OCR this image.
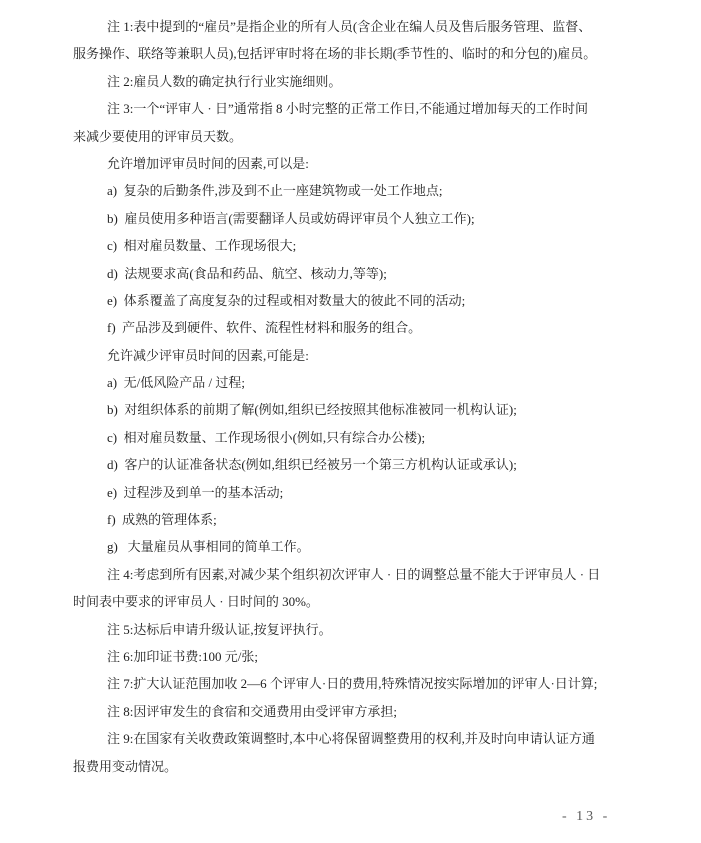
注 1:表中提到的“雇员”是指企业的所有人员(含企业在编人员及售后服务管理、监督、
服务操作、联络等兼职人员),包括评审时将在场的非长期(季节性的、临时的和分包的)雇员。
注 2:雇员人数的确定执行行业实施细则。
注 3:一个“评审人 · 日”通常指 8 小时完整的正常工作日,不能通过增加每天的工作时间
来减少要使用的评审员天数。
允许增加评审员时间的因素,可以是:
a)  复杂的后勤条件,涉及到不止一座建筑物或一处工作地点;
b)  雇员使用多种语言(需要翻译人员或妨碍评审员个人独立工作);
c)  相对雇员数量、工作现场很大;
d)  法规要求高(食品和药品、航空、核动力,等等);
e)  体系覆盖了高度复杂的过程或相对数量大的彼此不同的活动;
f)  产品涉及到硬件、软件、流程性材料和服务的组合。
允许减少评审员时间的因素,可能是:
a)  无/低风险产品 / 过程;
b)  对组织体系的前期了解(例如,组织已经按照其他标准被同一机构认证);
c)  相对雇员数量、工作现场很小(例如,只有综合办公楼);
d)  客户的认证准备状态(例如,组织已经被另一个第三方机构认证或承认);
e)  过程涉及到单一的基本活动;
f)  成熟的管理体系;
g)   大量雇员从事相同的简单工作。
注 4:考虑到所有因素,对减少某个组织初次评审人 · 日的调整总量不能大于评审员人 · 日
时间表中要求的评审员人 · 日时间的 30%。
注 5:达标后申请升级认证,按复评执行。
注 6:加印证书费:100 元/张;
注 7:扩大认证范围加收 2—6 个评审人·日的费用,特殊情况按实际增加的评审人·日计算;
注 8:因评审发生的食宿和交通费用由受评审方承担;
注 9:在国家有关收费政策调整时,本中心将保留调整费用的权利,并及时向申请认证方通
报费用变动情况。
- 13 -
